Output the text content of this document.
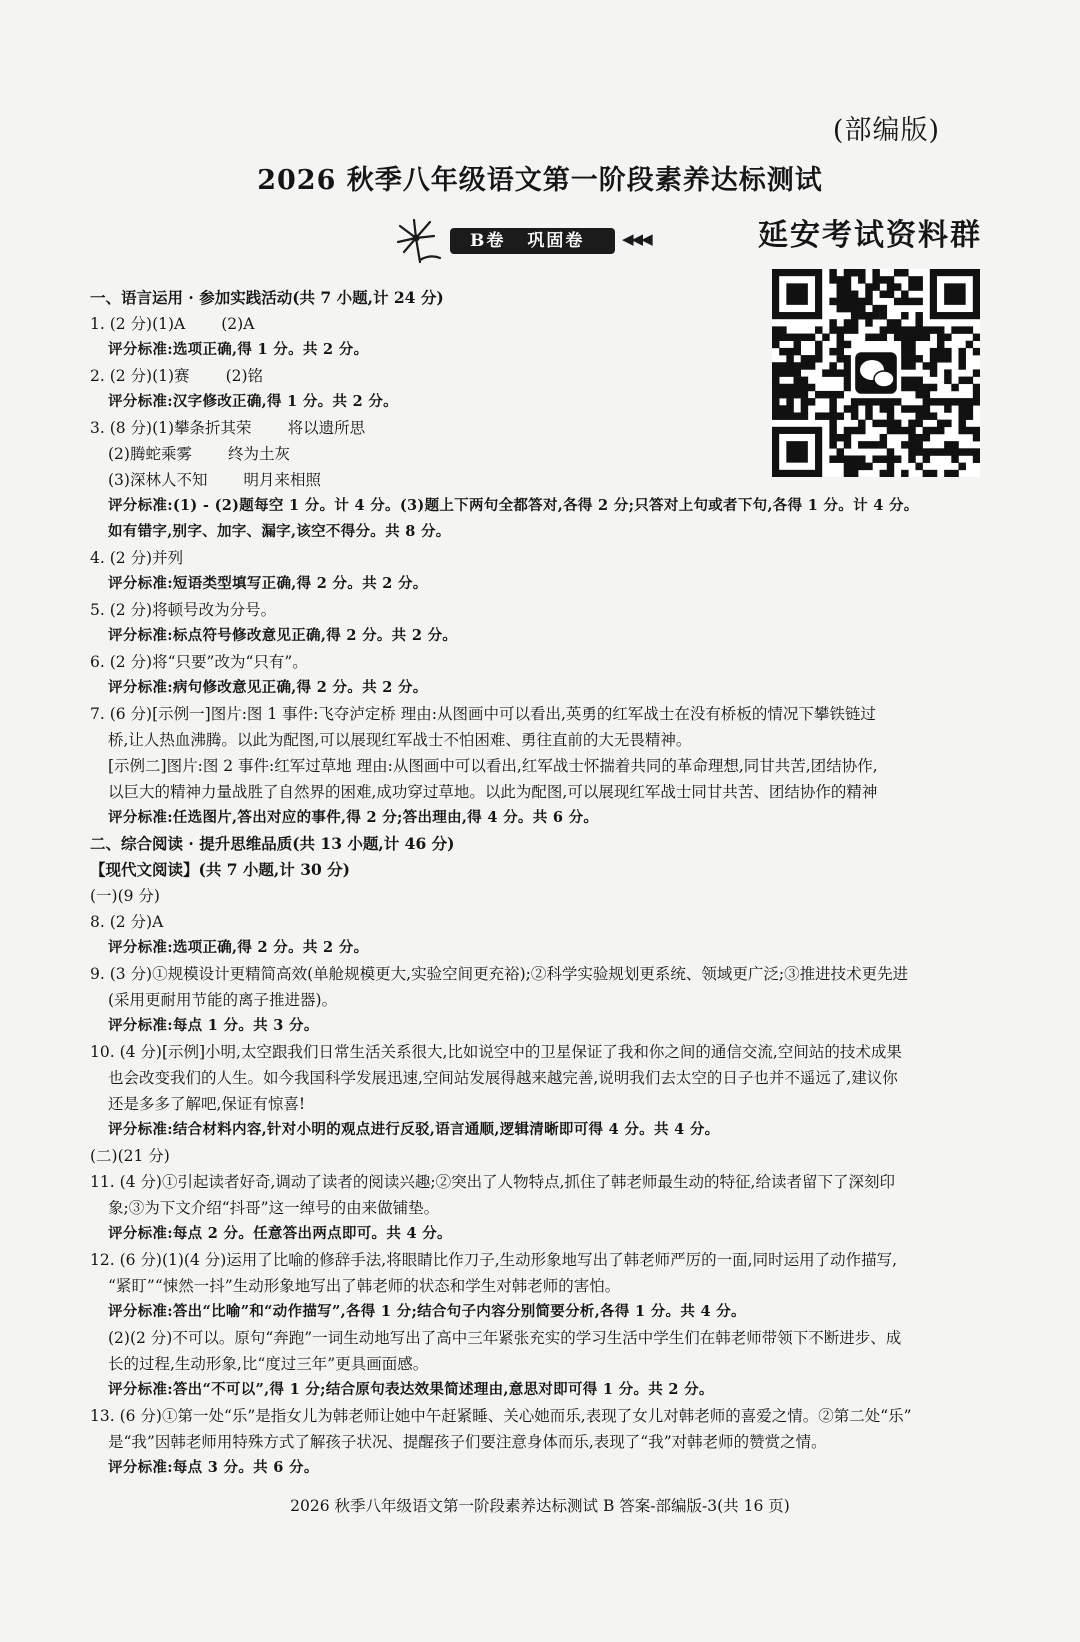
(部编版)
2026 秋季八年级语文第一阶段素养达标测试
B卷 巩固卷	◀◀◀	延安考试资料群
一、语言运用 · 参加实践活动(共 7 小题,计 24 分)
1. (2 分)(1)A (2)A
评分标准:选项正确,得 1 分。共 2 分。
2. (2 分)(1)赛 (2)铭
评分标准:汉字修改正确,得 1 分。共 2 分。
3. (8 分)(1)攀条折其荣 将以遗所思
(2)腾蛇乘雾 终为土灰
(3)深林人不知 明月来相照
评分标准:(1) - (2)题每空 1 分。计 4 分。(3)题上下两句全都答对,各得 2 分;只答对上句或者下句,各得 1 分。计 4 分。
如有错字,别字、加字、漏字,该空不得分。共 8 分。
4. (2 分)并列
评分标准:短语类型填写正确,得 2 分。共 2 分。
5. (2 分)将顿号改为分号。
评分标准:标点符号修改意见正确,得 2 分。共 2 分。
6. (2 分)将“只要”改为“只有”。
评分标准:病句修改意见正确,得 2 分。共 2 分。
7. (6 分)[示例一]图片:图 1 事件:飞夺泸定桥 理由:从图画中可以看出,英勇的红军战士在没有桥板的情况下攀铁链过
桥,让人热血沸腾。以此为配图,可以展现红军战士不怕困难、勇往直前的大无畏精神。
[示例二]图片:图 2 事件:红军过草地 理由:从图画中可以看出,红军战士怀揣着共同的革命理想,同甘共苦,团结协作,
以巨大的精神力量战胜了自然界的困难,成功穿过草地。以此为配图,可以展现红军战士同甘共苦、团结协作的精神
评分标准:任选图片,答出对应的事件,得 2 分;答出理由,得 4 分。共 6 分。
二、综合阅读 · 提升思维品质(共 13 小题,计 46 分)
【现代文阅读】(共 7 小题,计 30 分)
(一)(9 分)
8. (2 分)A
评分标准:选项正确,得 2 分。共 2 分。
9. (3 分)①规模设计更精简高效(单舱规模更大,实验空间更充裕);②科学实验规划更系统、领域更广泛;③推进技术更先进
(采用更耐用节能的离子推进器)。
评分标准:每点 1 分。共 3 分。
10. (4 分)[示例]小明,太空跟我们日常生活关系很大,比如说空中的卫星保证了我和你之间的通信交流,空间站的技术成果
也会改变我们的人生。如今我国科学发展迅速,空间站发展得越来越完善,说明我们去太空的日子也并不遥远了,建议你
还是多多了解吧,保证有惊喜!
评分标准:结合材料内容,针对小明的观点进行反驳,语言通顺,逻辑清晰即可得 4 分。共 4 分。
(二)(21 分)
11. (4 分)①引起读者好奇,调动了读者的阅读兴趣;②突出了人物特点,抓住了韩老师最生动的特征,给读者留下了深刻印
象;③为下文介绍“抖哥”这一绰号的由来做铺垫。
评分标准:每点 2 分。任意答出两点即可。共 4 分。
12. (6 分)(1)(4 分)运用了比喻的修辞手法,将眼睛比作刀子,生动形象地写出了韩老师严厉的一面,同时运用了动作描写,
“紧盯”“悚然一抖”生动形象地写出了韩老师的状态和学生对韩老师的害怕。
评分标准:答出“比喻”和“动作描写”,各得 1 分;结合句子内容分别简要分析,各得 1 分。共 4 分。
(2)(2 分)不可以。原句“奔跑”一词生动地写出了高中三年紧张充实的学习生活中学生们在韩老师带领下不断进步、成
长的过程,生动形象,比“度过三年”更具画面感。
评分标准:答出“不可以”,得 1 分;结合原句表达效果简述理由,意思对即可得 1 分。共 2 分。
13. (6 分)①第一处“乐”是指女儿为韩老师让她中午赶紧睡、关心她而乐,表现了女儿对韩老师的喜爱之情。②第二处“乐”
是“我”因韩老师用特殊方式了解孩子状况、提醒孩子们要注意身体而乐,表现了“我”对韩老师的赞赏之情。
评分标准:每点 3 分。共 6 分。
2026 秋季八年级语文第一阶段素养达标测试 B 答案-部编版-3(共 16 页)
